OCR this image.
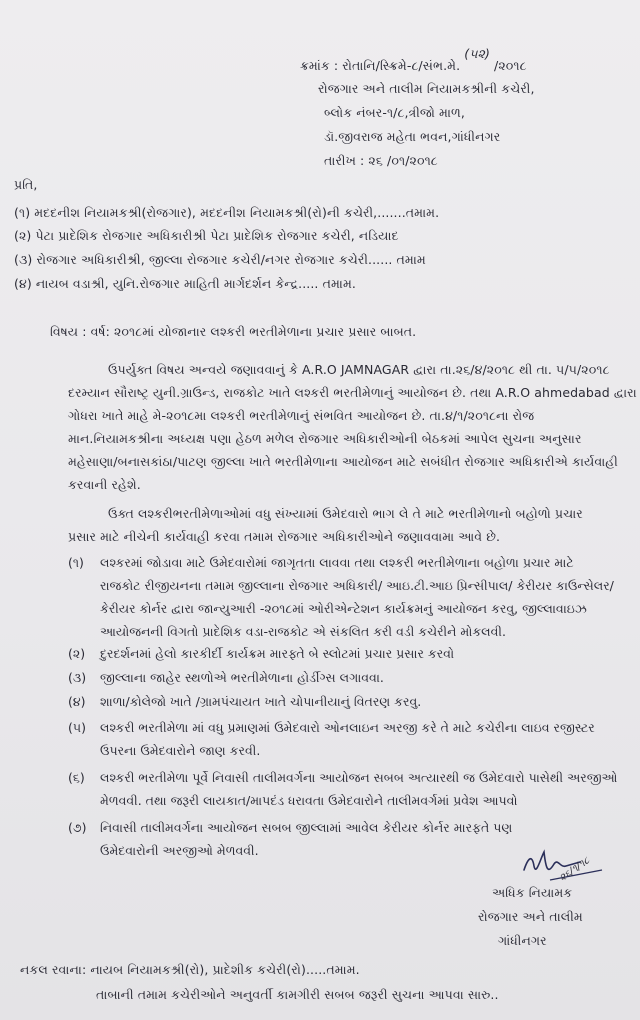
ક્રમાંક : રોતાનિ/સ્ક્રિમે-૮/સંભ.મે. (૫૨) /૨૦૧૮
રોજગાર અને તાલીમ નિયામકશ્રીની કચેરી,
બ્લોક નંબર-૧/૮,ત્રીજો માળ,
ડૉ.જીવરાજ મહેતા ભવન,ગાંધીનગર
તારીખ : ૨૬ /૦૧/૨૦૧૮
પ્રતિ,
(૧) મદદનીશ નિયામકશ્રી(રોજગાર), મદદનીશ નિયામકશ્રી(રો)ની કચેરી,.......તમામ.
(૨) પેટા પ્રાદેશિક રોજગાર અધિકારીશ્રી પેટા પ્રાદેશિક રોજગાર કચેરી, નડિયાદ
(૩) રોજગાર અધિકારીશ્રી, જીલ્લા રોજગાર કચેરી/નગર રોજગાર કચેરી...... તમામ
(૪) નાયબ વડાશ્રી, યુનિ.રોજગાર માહિતી માર્ગદર્શન કેન્દ્ર..... તમામ.
વિષય : વર્ષ: ૨૦૧૮માં યોજાનાર લશ્કરી ભરતીમેળાના પ્રચાર પ્રસાર બાબત.
ઉપર્યુક્ત વિષય અન્વયે જણાવવાનું કે A.R.O JAMNAGAR દ્વારા તા.૨૬/૪/૨૦૧૮ થી તા. ૫/૫/૨૦૧૮
દરમ્યાન સૌરાષ્ટ્ર યુની.ગ્રાઉન્ડ, રાજકોટ ખાતે લશ્કરી ભરતીમેળાનું આયોજન છે. તથા A.R.O ahmedabad દ્વારા
ગોધરા ખાતે માહે મે-૨૦૧૮મા લશ્કરી ભરતીમેળાનું સંભવિત આયોજન છે. તા.૪/૧/૨૦૧૮ના રોજ
માન.નિયામકશ્રીના અધ્યક્ષ પણા હેઠળ મળેલ રોજગાર અધિકારીઓની બેઠકમાં આપેલ સુચના અનુસાર
મહેસાણા/બનાસકાંઠા/પાટણ જીલ્લા ખાતે ભરતીમેળાના આયોજન માટે સબંધીત રોજગાર અધિકારીએ કાર્યવાહી
કરવાની રહેશે.
ઉક્ત લશ્કરીભરતીમેળાઓમાં વધુ સંખ્યામાં ઉમેદવારો ભાગ લે તે માટે ભરતીમેળાનો બહોળો પ્રચાર
પ્રસાર માટે નીચેની કાર્યવાહી કરવા તમામ રોજગાર અધિકારીઓને જણાવવામા આવે છે.
(૧) લશ્કરમાં જોડાવા માટે ઉમેદવારોમાં જાગૃતતા લાવવા તથા લશ્કરી ભરતીમેળાના બહોળા પ્રચાર માટે
રાજકોટ રીજીયનના તમામ જીલ્લાના રોજગાર અધિકારી/ આઇ.ટી.આઇ પ્રિન્સીપાલ/ કેરીયર કાઉન્સેલર/
કેરીયર કોર્નર દ્વારા જાન્યુઆરી -૨૦૧૮માં ઓરીએન્ટેશન કાર્યક્રમનું આયોજન કરવુ, જીલ્લાવાઇઝ
આયોજનની વિગતો પ્રાદેશિક વડા-રાજકોટ એ સંકલિત કરી વડી કચેરીને મોકલવી.
(૨) દુરદર્શનમાં હેલો કારકીર્દી કાર્યક્રમ મારફ્તે બે સ્લોટમાં પ્રચાર પ્રસાર કરવો
(૩) જીલ્લાના જાહેર સ્થળોએ ભરતીમેળાના હોર્ડીગ્સ લગાવવા.
(૪) શાળા/કોલેજો ખાતે /ગ્રામપંચાયત ખાતે ચોપાનીયાનું વિતરણ કરવુ.
(૫) લશ્કરી ભરતીમેળા માં વધુ પ્રમાણમાં ઉમેદવારો ઓનલાઇન અરજી કરે તે માટે કચેરીના લાઇવ રજીસ્ટર
ઉપરના ઉમેદવારોને જાણ કરવી.
(૬) લશ્કરી ભરતીમેળા પૂર્વે નિવાસી તાલીમવર્ગના આયોજન સબબ અત્યારથી જ ઉમેદવારો પાસેથી અરજીઓ
મેળવવી. તથા જરૂરી લાયકાત/માપદંડ ધરાવતા ઉમેદવારોને તાલીમવર્ગમાં પ્રવેશ આપવો
(૭) નિવાસી તાલીમવર્ગના આયોજન સબબ જીલ્લામાં આવેલ કેરીયર કોર્નર મારફતે પણ
ઉમેદવારોની અરજીઓ મેળવવી.
૨૬/૧/૧૮
અધિક નિયામક
રોજગાર અને તાલીમ
ગાંધીનગર
નકલ રવાના: નાયબ નિયામકશ્રી(રો), પ્રાદેશીક કચેરી(રો).....તમામ.
તાબાની તમામ કચેરીઓને અનુવર્તી કામગીરી સબબ જરૂરી સુચના આપવા સારુ..
